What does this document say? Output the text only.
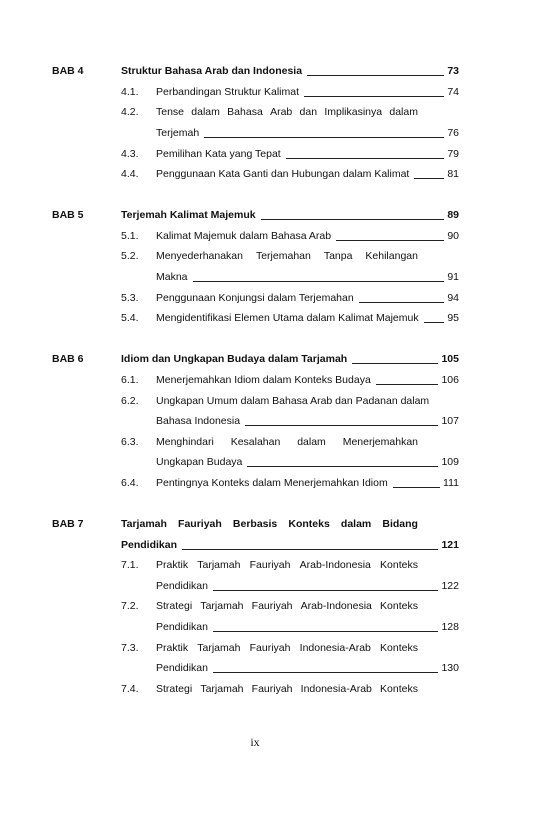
BAB 4	Struktur Bahasa Arab dan Indonesia	73
4.1. Perbandingan Struktur Kalimat	74
4.2. Tense dalam Bahasa Arab dan Implikasinya dalam
Terjemah	76
4.3. Pemilihan Kata yang Tepat	79
4.4. Penggunaan Kata Ganti dan Hubungan dalam Kalimat	81
BAB 5	Terjemah Kalimat Majemuk	89
5.1. Kalimat Majemuk dalam Bahasa Arab	90
5.2. Menyederhanakan Terjemahan Tanpa Kehilangan
Makna	91
5.3. Penggunaan Konjungsi dalam Terjemahan	94
5.4. Mengidentifikasi Elemen Utama dalam Kalimat Majemuk	95
BAB 6	Idiom dan Ungkapan Budaya dalam Tarjamah	105
6.1. Menerjemahkan Idiom dalam Konteks Budaya	106
6.2. Ungkapan Umum dalam Bahasa Arab dan Padanan dalam
Bahasa Indonesia	107
6.3. Menghindari Kesalahan dalam Menerjemahkan
Ungkapan Budaya	109
6.4. Pentingnya Konteks dalam Menerjemahkan Idiom	111
BAB 7	Tarjamah Fauriyah Berbasis Konteks dalam Bidang
Pendidikan	121
7.1. Praktik Tarjamah Fauriyah Arab-Indonesia Konteks
Pendidikan	122
7.2. Strategi Tarjamah Fauriyah Arab-Indonesia Konteks
Pendidikan	128
7.3. Praktik Tarjamah Fauriyah Indonesia-Arab Konteks
Pendidikan	130
7.4. Strategi Tarjamah Fauriyah Indonesia-Arab Konteks
ix
